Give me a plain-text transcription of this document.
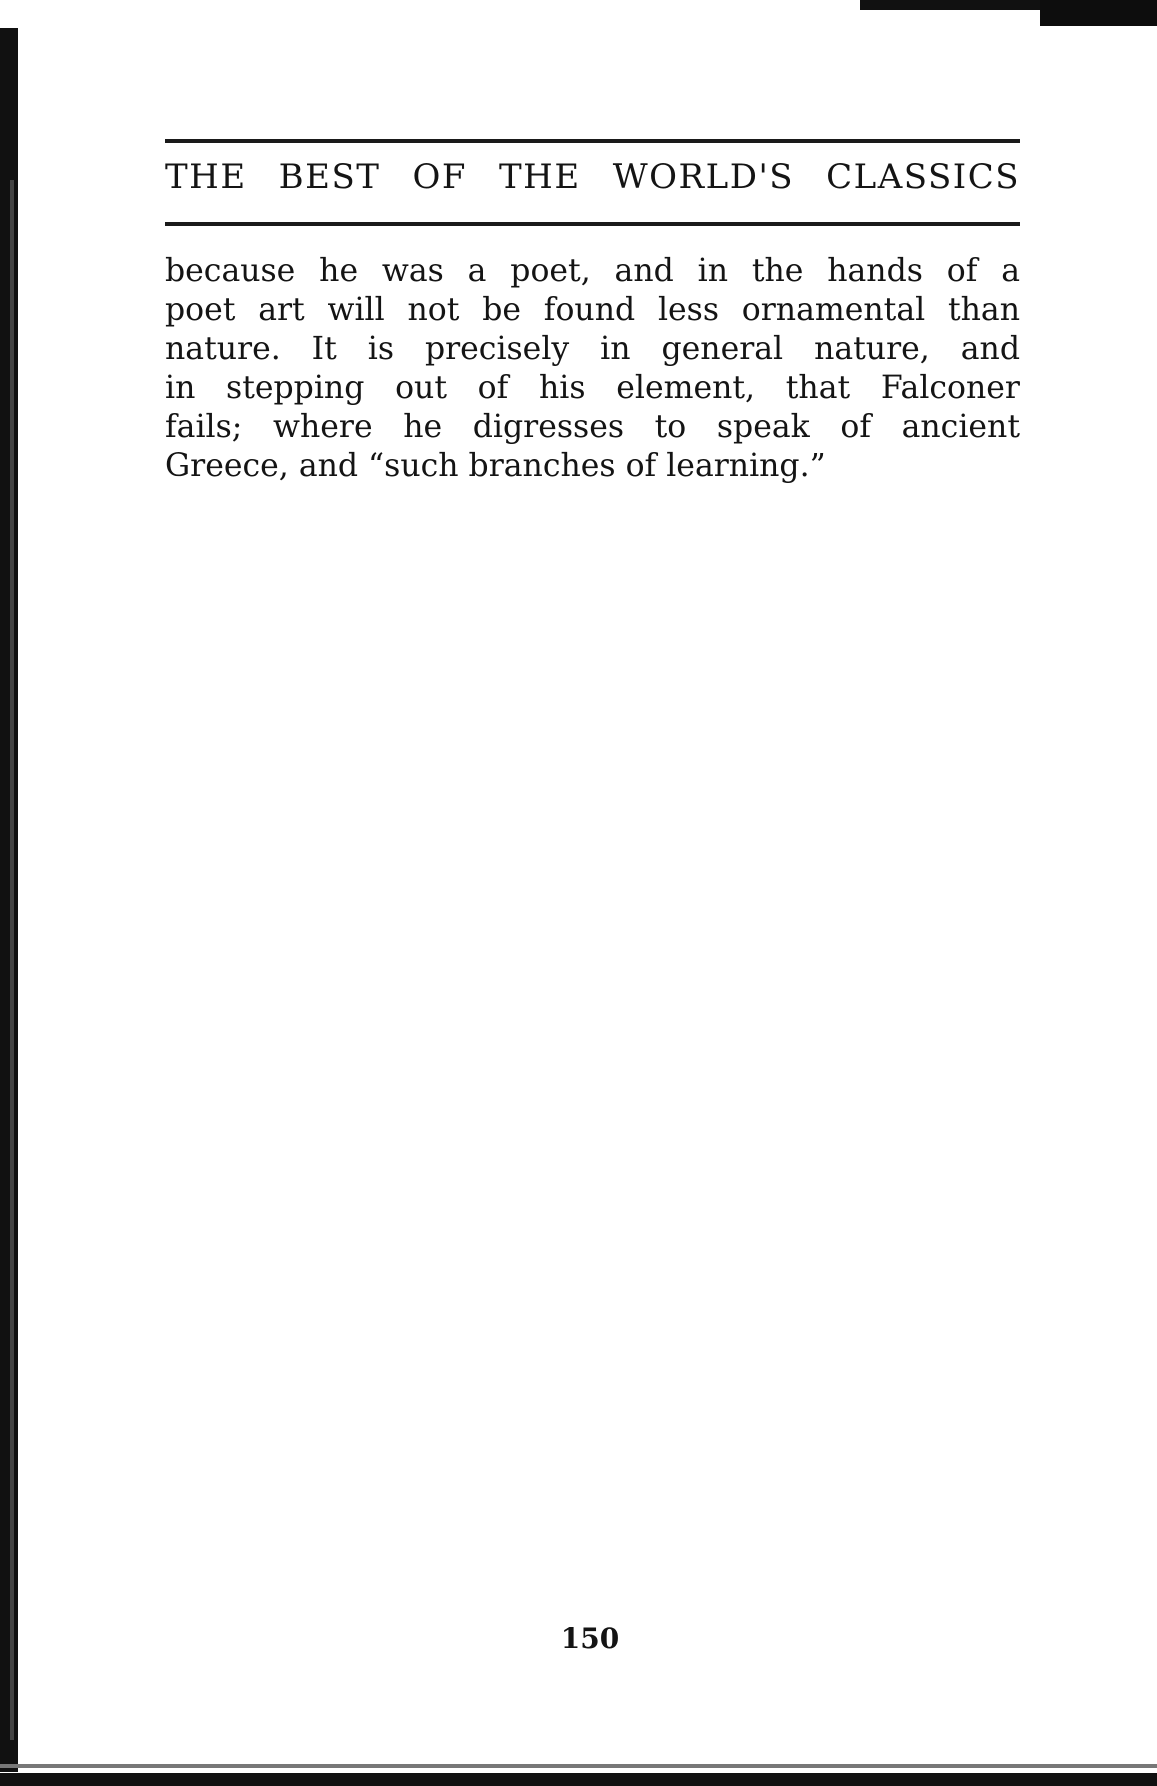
THE BEST OF THE WORLD'S CLASSICS
because he was a poet, and in the hands of a
poet art will not be found less ornamental than
nature. It is precisely in general nature, and
in stepping out of his element, that Falconer
fails; where he digresses to speak of ancient
Greece, and “such branches of learning.”
150
